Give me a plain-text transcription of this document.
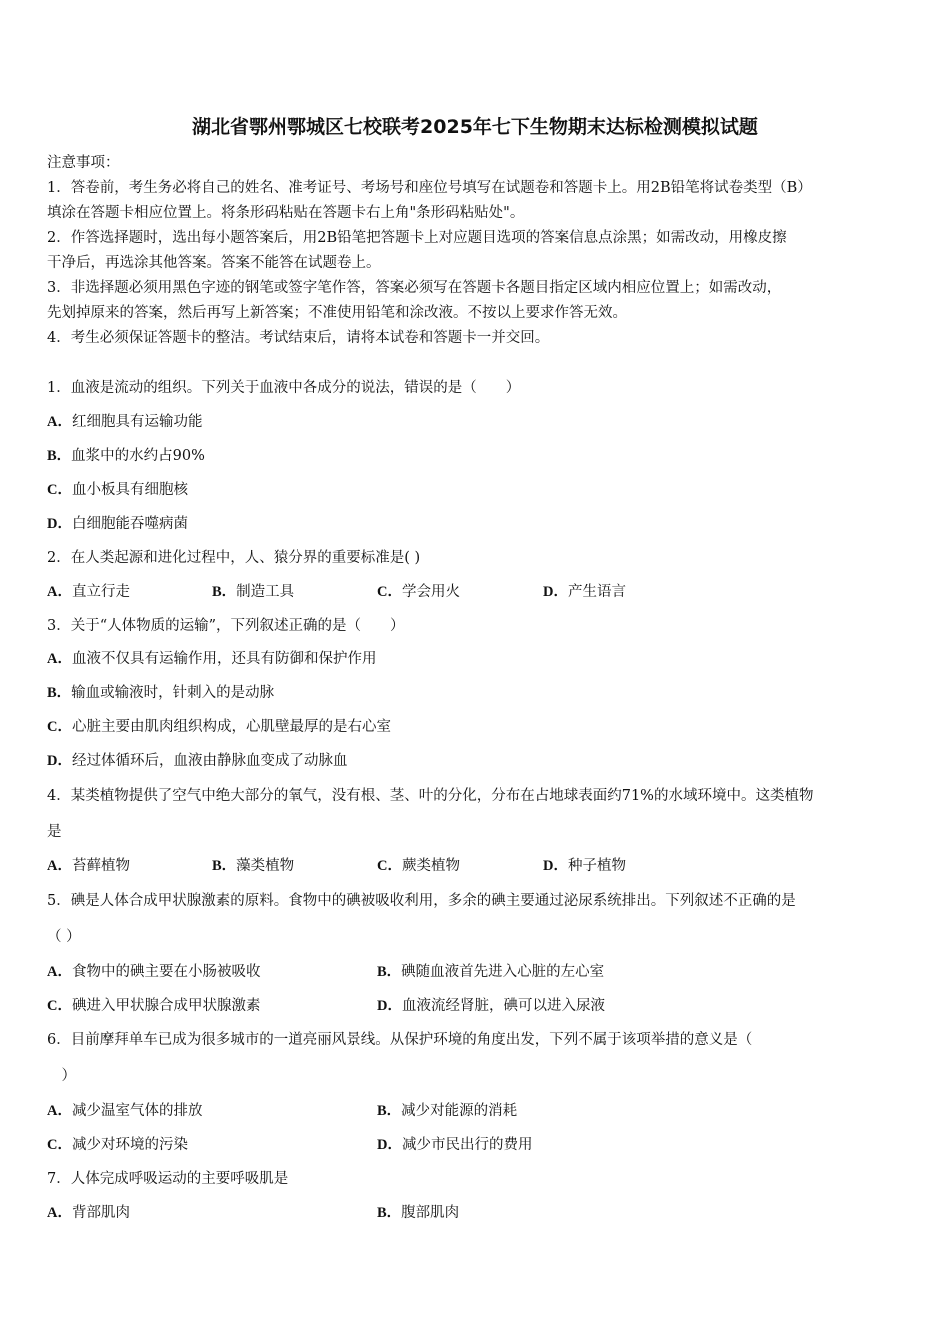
湖北省鄂州鄂城区七校联考2025年七下生物期末达标检测模拟试题
注意事项：
1．答卷前，考生务必将自己的姓名、准考证号、考场号和座位号填写在试题卷和答题卡上。用2B铅笔将试卷类型（B）
填涂在答题卡相应位置上。将条形码粘贴在答题卡右上角"条形码粘贴处"。
2．作答选择题时，选出每小题答案后，用2B铅笔把答题卡上对应题目选项的答案信息点涂黑；如需改动，用橡皮擦
干净后，再选涂其他答案。答案不能答在试题卷上。
3．非选择题必须用黑色字迹的钢笔或签字笔作答，答案必须写在答题卡各题目指定区域内相应位置上；如需改动，
先划掉原来的答案，然后再写上新答案；不准使用铅笔和涂改液。不按以上要求作答无效。
4．考生必须保证答题卡的整洁。考试结束后，请将本试卷和答题卡一并交回。
1．血液是流动的组织。下列关于血液中各成分的说法，错误的是（　　）
A．红细胞具有运输功能
B．血浆中的水约占90%
C．血小板具有细胞核
D．白细胞能吞噬病菌
2．在人类起源和进化过程中，人、猿分界的重要标准是( )
A．直立行走	B．制造工具	C．学会用火	D．产生语言
3．关于“人体物质的运输”，下列叙述正确的是（　　）
A．血液不仅具有运输作用，还具有防御和保护作用
B．输血或输液时，针刺入的是动脉
C．心脏主要由肌肉组织构成，心肌壁最厚的是右心室
D．经过体循环后，血液由静脉血变成了动脉血
4．某类植物提供了空气中绝大部分的氧气，没有根、茎、叶的分化，分布在占地球表面约71%的水域环境中。这类植物
是
A．苔藓植物	B．藻类植物	C．蕨类植物	D．种子植物
5．碘是人体合成甲状腺激素的原料。食物中的碘被吸收利用，多余的碘主要通过泌尿系统排出。下列叙述不正确的是
（ ）
A．食物中的碘主要在小肠被吸收	B．碘随血液首先进入心脏的左心室
C．碘进入甲状腺合成甲状腺激素	D．血液流经肾脏，碘可以进入尿液
6．目前摩拜单车已成为很多城市的一道亮丽风景线。从保护环境的角度出发，下列不属于该项举措的意义是（
　）
A．减少温室气体的排放	B．减少对能源的消耗
C．减少对环境的污染	D．减少市民出行的费用
7．人体完成呼吸运动的主要呼吸肌是
A．背部肌肉	B．腹部肌肉
